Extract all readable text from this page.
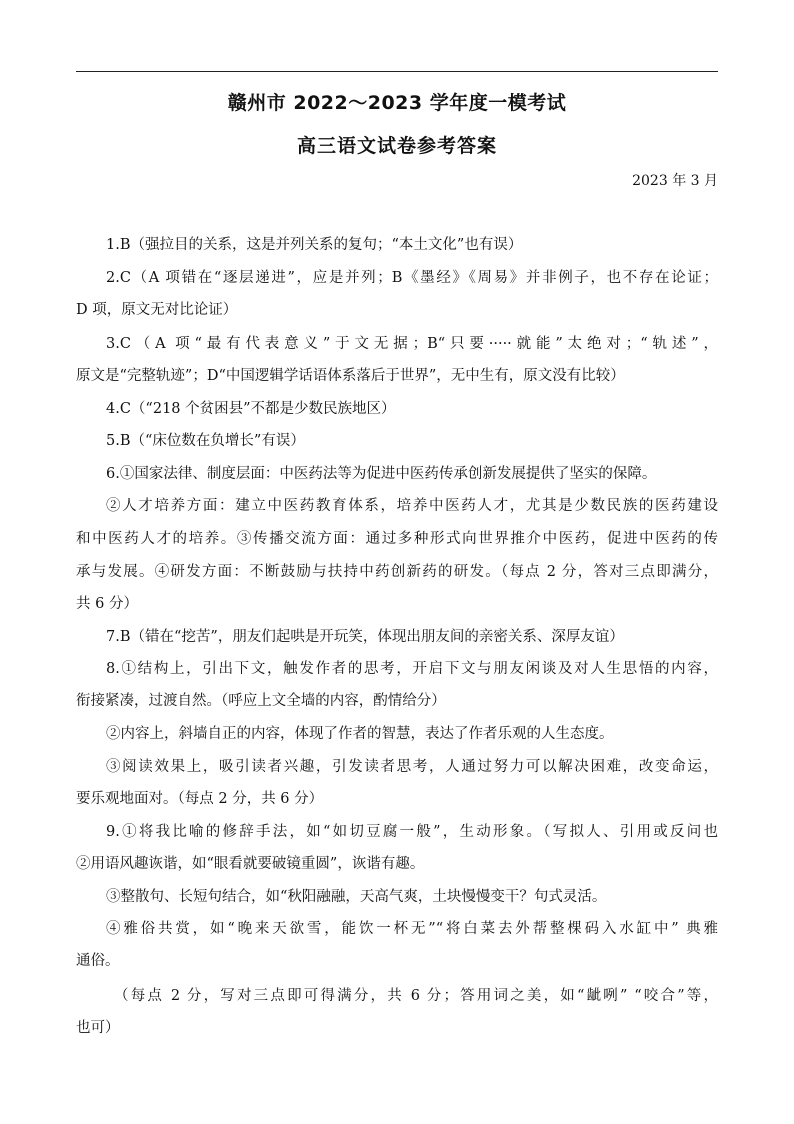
赣州市 2022～2023 学年度一模考试
高三语文试卷参考答案
2023 年 3 月
1.B（强拉目的关系，这是并列关系的复句；“本土文化”也有误）
2.C（A 项错在“逐层递进”，应是并列；B《墨经》《周易》并非例子，也不存在论证；
D 项，原文无对比论证）
3.C（A 项“最有代表意义”于文无据；B“只要·····就能”太绝对；“轨述”，
原文是“完整轨迹”；D“中国逻辑学话语体系落后于世界”，无中生有，原文没有比较）
4.C（“218 个贫困县”不都是少数民族地区）
5.B（“床位数在负增长”有误）
6.①国家法律、制度层面：中医药法等为促进中医药传承创新发展提供了坚实的保障。
②人才培养方面：建立中医药教育体系，培养中医药人才，尤其是少数民族的医药建设
和中医药人才的培养。③传播交流方面：通过多种形式向世界推介中医药，促进中医药的传
承与发展。④研发方面：不断鼓励与扶持中药创新药的研发。（每点 2 分，答对三点即满分，
共 6 分）
7.B（错在“挖苦”，朋友们起哄是开玩笑，体现出朋友间的亲密关系、深厚友谊）
8.①结构上，引出下文，触发作者的思考，开启下文与朋友闲谈及对人生思悟的内容，
衔接紧凑，过渡自然。（呼应上文全墙的内容，酌情给分）
②内容上，斜墙自正的内容，体现了作者的智慧，表达了作者乐观的人生态度。
③阅读效果上，吸引读者兴趣，引发读者思考，人通过努力可以解决困难，改变命运，
要乐观地面对。（每点 2 分，共 6 分）
9.①将我比喻的修辞手法，如“如切豆腐一般”，生动形象。（写拟人、引用或反问也
②用语风趣诙谐，如“眼看就要破镜重圆”，诙谐有趣。
③整散句、长短句结合，如“秋阳融融，天高气爽，土块慢慢变干？句式灵活。
④雅俗共赏，如“晚来天欲雪，能饮一杯无”“将白菜去外帮整棵码入水缸中” 典雅
通俗。
（每点 2 分，写对三点即可得满分，共 6 分；答用词之美，如“龇咧” “咬合”等，
也可）
